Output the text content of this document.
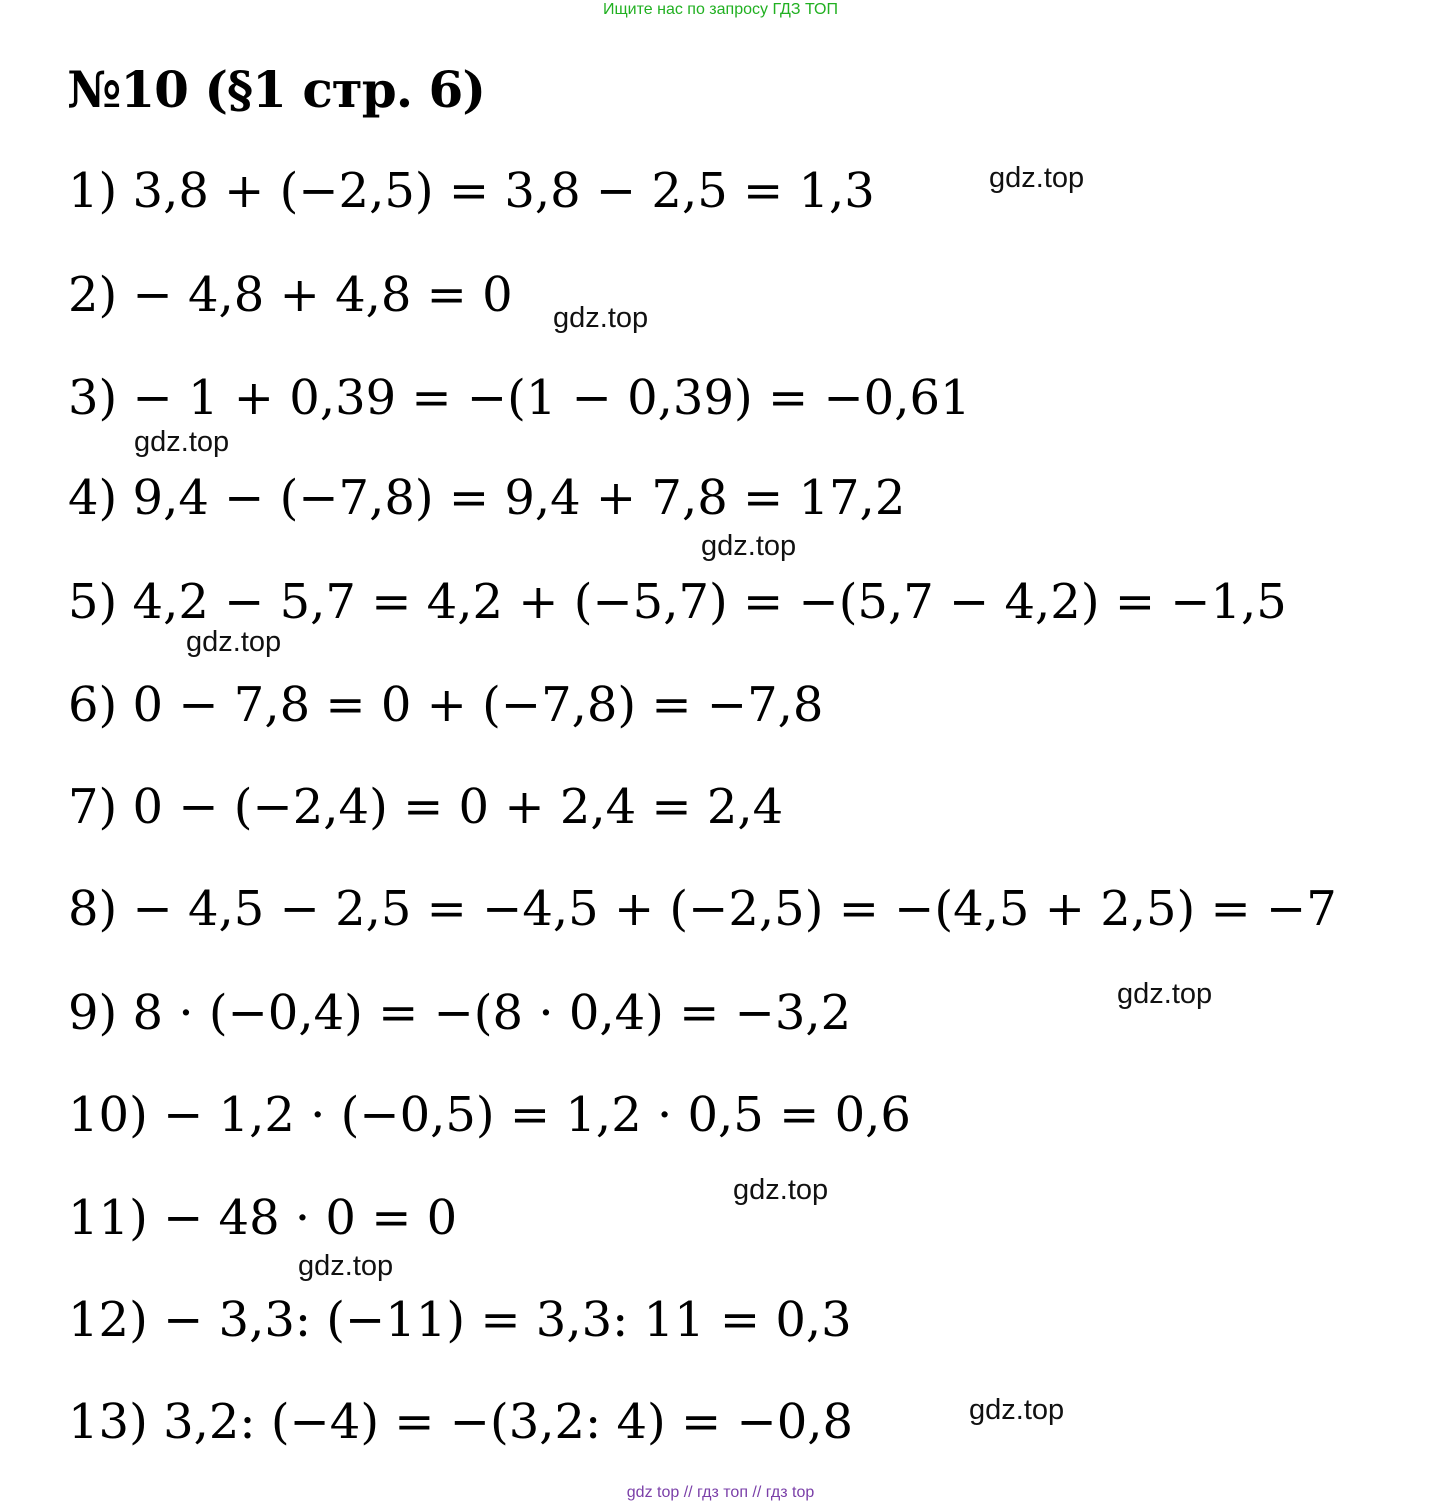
Ищите нас по запросу ГДЗ ТОП
№10 (§1 стр. 6)
1) 3,8 + (−2,5) = 3,8 − 2,5 = 1,3
2) − 4,8 + 4,8 = 0
3) − 1 + 0,39 = −(1 − 0,39) = −0,61
4) 9,4 − (−7,8) = 9,4 + 7,8 = 17,2
5) 4,2 − 5,7 = 4,2 + (−5,7) = −(5,7 − 4,2) = −1,5
6) 0 − 7,8 = 0 + (−7,8) = −7,8
7) 0 − (−2,4) = 0 + 2,4 = 2,4
8) − 4,5 − 2,5 = −4,5 + (−2,5) = −(4,5 + 2,5) = −7
9) 8 · (−0,4) = −(8 · 0,4) = −3,2
10) − 1,2 · (−0,5) = 1,2 · 0,5 = 0,6
11) − 48 · 0 = 0
12) − 3,3: (−11) = 3,3: 11 = 0,3
13) 3,2: (−4) = −(3,2: 4) = −0,8
gdz.top
gdz.top
gdz.top
gdz.top
gdz.top
gdz.top
gdz.top
gdz.top
gdz.top
gdz top // гдз топ // гдз top
